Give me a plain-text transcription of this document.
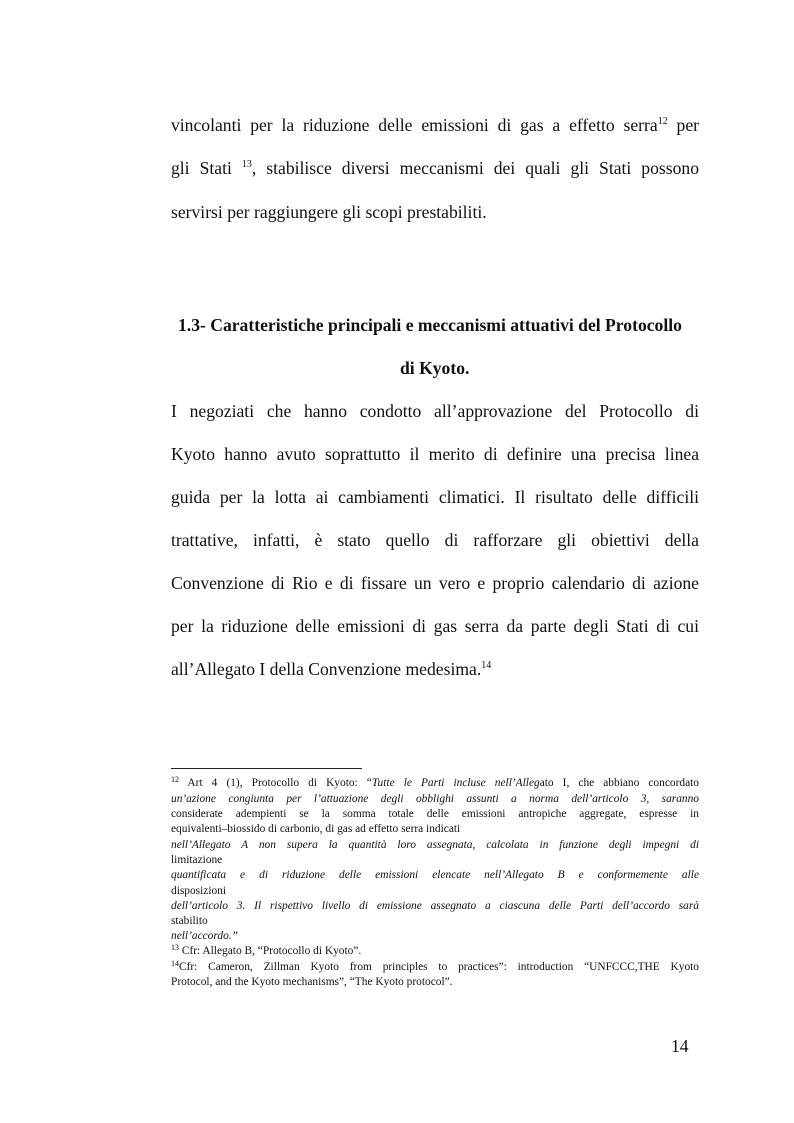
vincolanti per la riduzione delle emissioni di gas a effetto serra$^{12}$ per
gli Stati $^{13}$, stabilisce diversi meccanismi dei quali gli Stati possono
servirsi per raggiungere gli scopi prestabiliti.
1.3- Caratteristiche principali e meccanismi attuativi del Protocollo
di Kyoto.
I negoziati che hanno condotto all’approvazione del Protocollo di
Kyoto hanno avuto soprattutto il merito di definire una precisa linea
guida per la lotta ai cambiamenti climatici. Il risultato delle difficili
trattative, infatti, è stato quello di rafforzare gli obiettivi della
Convenzione di Rio e di fissare un vero e proprio calendario di azione
per la riduzione delle emissioni di gas serra da parte degli Stati di cui
all’Allegato I della Convenzione medesima.$^{14}$
$^{12}$ Art 4 (1), Protocollo di Kyoto: “Tutte le Parti incluse nell’Allegato I, che abbiano concordato
un’azione congiunta per l’attuazione degli obblighi assunti a norma dell’articolo 3, saranno
considerate adempienti se la somma totale delle emissioni antropiche aggregate, espresse in
equivalenti–biossido di carbonio, di gas ad effetto serra indicati
nell’Allegato A non supera la quantità loro assegnata, calcolata in funzione degli impegni di
limitazione
quantificata e di riduzione delle emissioni elencate nell’Allegato B e conformemente alle
disposizioni
dell’articolo 3. Il rispettivo livello di emissione assegnato a ciascuna delle Parti dell’accordo sarà
stabilito
nell’accordo.”
$^{13}$ Cfr: Allegato B, “Protocollo di Kyoto”.
$^{14}$Cfr: Cameron, Zillman Kyoto from principles to practices”: introduction “UNFCCC,THE Kyoto
Protocol, and the Kyoto mechanisms”, “The Kyoto protocol”.
14
